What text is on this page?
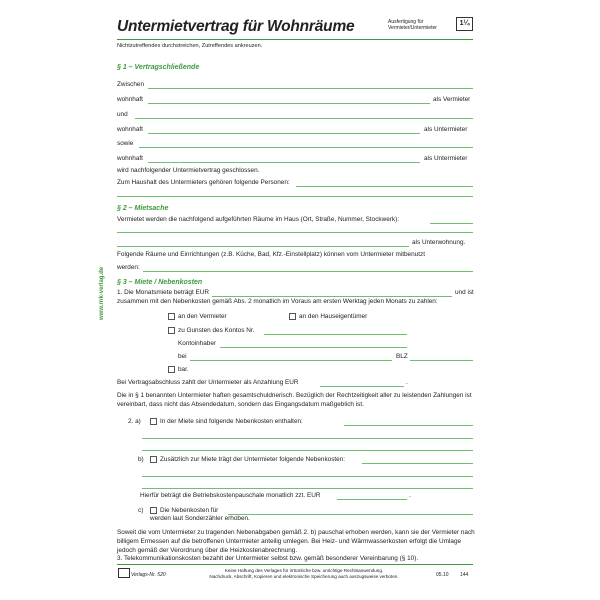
Untermietvertrag für Wohnräume	Ausfertigung für
Vermieter/Untermieter
1¼
Nichtzutreffendes durchstreichen, Zutreffendes ankreuzen.
www.rnk-verlag.de
§ 1 – Vertragschließende
Zwischen
wohnhaft	als Vermieter
und
wohnhaft	als Untermieter
sowie
wohnhaft	als Untermieter
wird nachfolgender Untermietvertrag geschlossen.
Zum Haushalt des Untermieters gehören folgende Personen:
§ 2 – Mietsache
Vermietet werden die nachfolgend aufgeführten Räume im Haus (Ort, Straße, Nummer, Stockwerk):
als Unterwohnung.
Folgende Räume und Einrichtungen (z.B. Küche, Bad, Kfz.-Einstellplatz) können vom Untermieter mitbenutzt
werden:
§ 3 – Miete / Nebenkosten
1. Die Monatsmiete beträgt EUR	und ist
zusammen mit den Nebenkosten gemäß Abs. 2 monatlich im Voraus am ersten Werktag jeden Monats zu zahlen:
an den Vermieter	an den Hauseigentümer
zu Gunsten des Kontos Nr.
Kontoinhaber
bei	BLZ
bar.
Bei Vertragsabschluss zahlt der Untermieter als Anzahlung EUR	.
Die in § 1 benannten Untermieter haften gesamtschuldnerisch. Bezüglich der Rechtzeitigkeit aller zu leistenden Zahlungen ist vereinbart, dass nicht das Absendedatum, sondern das Eingangsdatum maßgeblich ist.
2. a)	In der Miete sind folgende Nebenkosten enthalten:
b)	Zusätzlich zur Miete trägt der Untermieter folgende Nebenkosten:
Hierfür beträgt die Betriebskostenpauschale monatlich zzt. EUR	.
c)	Die Nebenkosten für
werden laut Sonderzähler erhoben.
Soweit die vom Untermieter zu tragenden Nebenabgaben gemäß 2. b) pauschal erhoben werden, kann sie der Vermieter nach billigem Ermessen auf die betroffenen Untermieter anteilig umlegen. Bei Heiz- und Wärmwasserkosten erfolgt die Umlage jedoch gemäß der Verordnung über die Heizkostenabrechnung.
3. Telekommunikationskosten bezahlt der Untermieter selbst bzw. gemäß besonderer Vereinbarung (§ 10).
Verlags-Nr. 520
Keine Haftung des Verlages für irrtümliche bzw. unrichtige Rechtsanwendung.
Nachdruck, Abschrift, Kopieren und elektronische Speicherung auch auszugsweise verboten.	05.10 144
